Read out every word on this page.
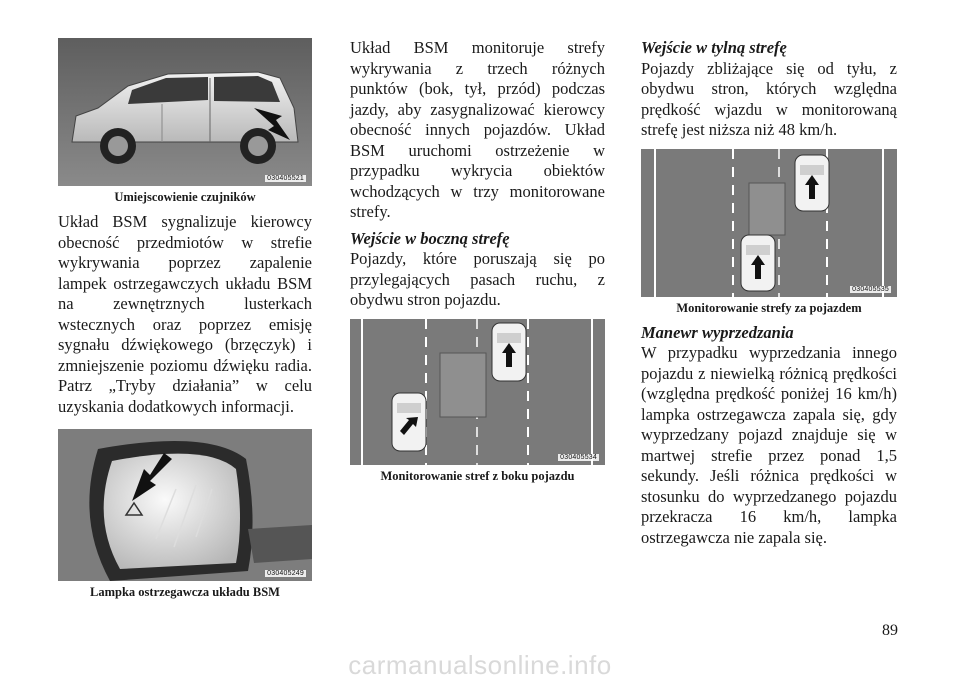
030405521
Umiejscowienie czujników

Układ BSM sygnalizuje kierowcy obecność przedmiotów w strefie wykrywania poprzez zapalenie lampek ostrzegawczych układu BSM na zewnętrznych lusterkach wstecznych oraz poprzez emisję sygnału dźwiękowego (brzęczyk) i zmniejszenie poziomu dźwięku radia. Patrz „Tryby działania” w celu uzyskania dodatkowych informacji.

030405249
Lampka ostrzegawcza układu BSM

Układ BSM monitoruje strefy wykrywania z trzech różnych punktów (bok, tył, przód) podczas jazdy, aby zasygnalizować kierowcy obecność innych pojazdów. Układ BSM uruchomi ostrzeżenie w przypadku wykrycia obiektów wchodzących w trzy monitorowane strefy.

Wejście w boczną strefę

Pojazdy, które poruszają się po przylegających pasach ruchu, z obydwu stron pojazdu.

030405534
Monitorowanie stref z boku pojazdu
Wejście w tylną strefę

Pojazdy zbliżające się od tyłu, z obydwu stron, których względna prędkość wjazdu w monitorowaną strefę jest niższa niż 48 km/h.

030405535
Monitorowanie strefy za pojazdem
Manewr wyprzedzania

W przypadku wyprzedzania innego pojazdu z niewielką różnicą prędkości (względna prędkość poniżej 16 km/h) lampka ostrzegawcza zapala się, gdy wyprzedzany pojazd znajduje się w martwej strefie przez ponad 1,5 sekundy. Jeśli różnica prędkości w stosunku do wyprzedzanego pojazdu przekracza 16 km/h, lampka ostrzegawcza nie zapala się.

89
carmanualsonline.info
